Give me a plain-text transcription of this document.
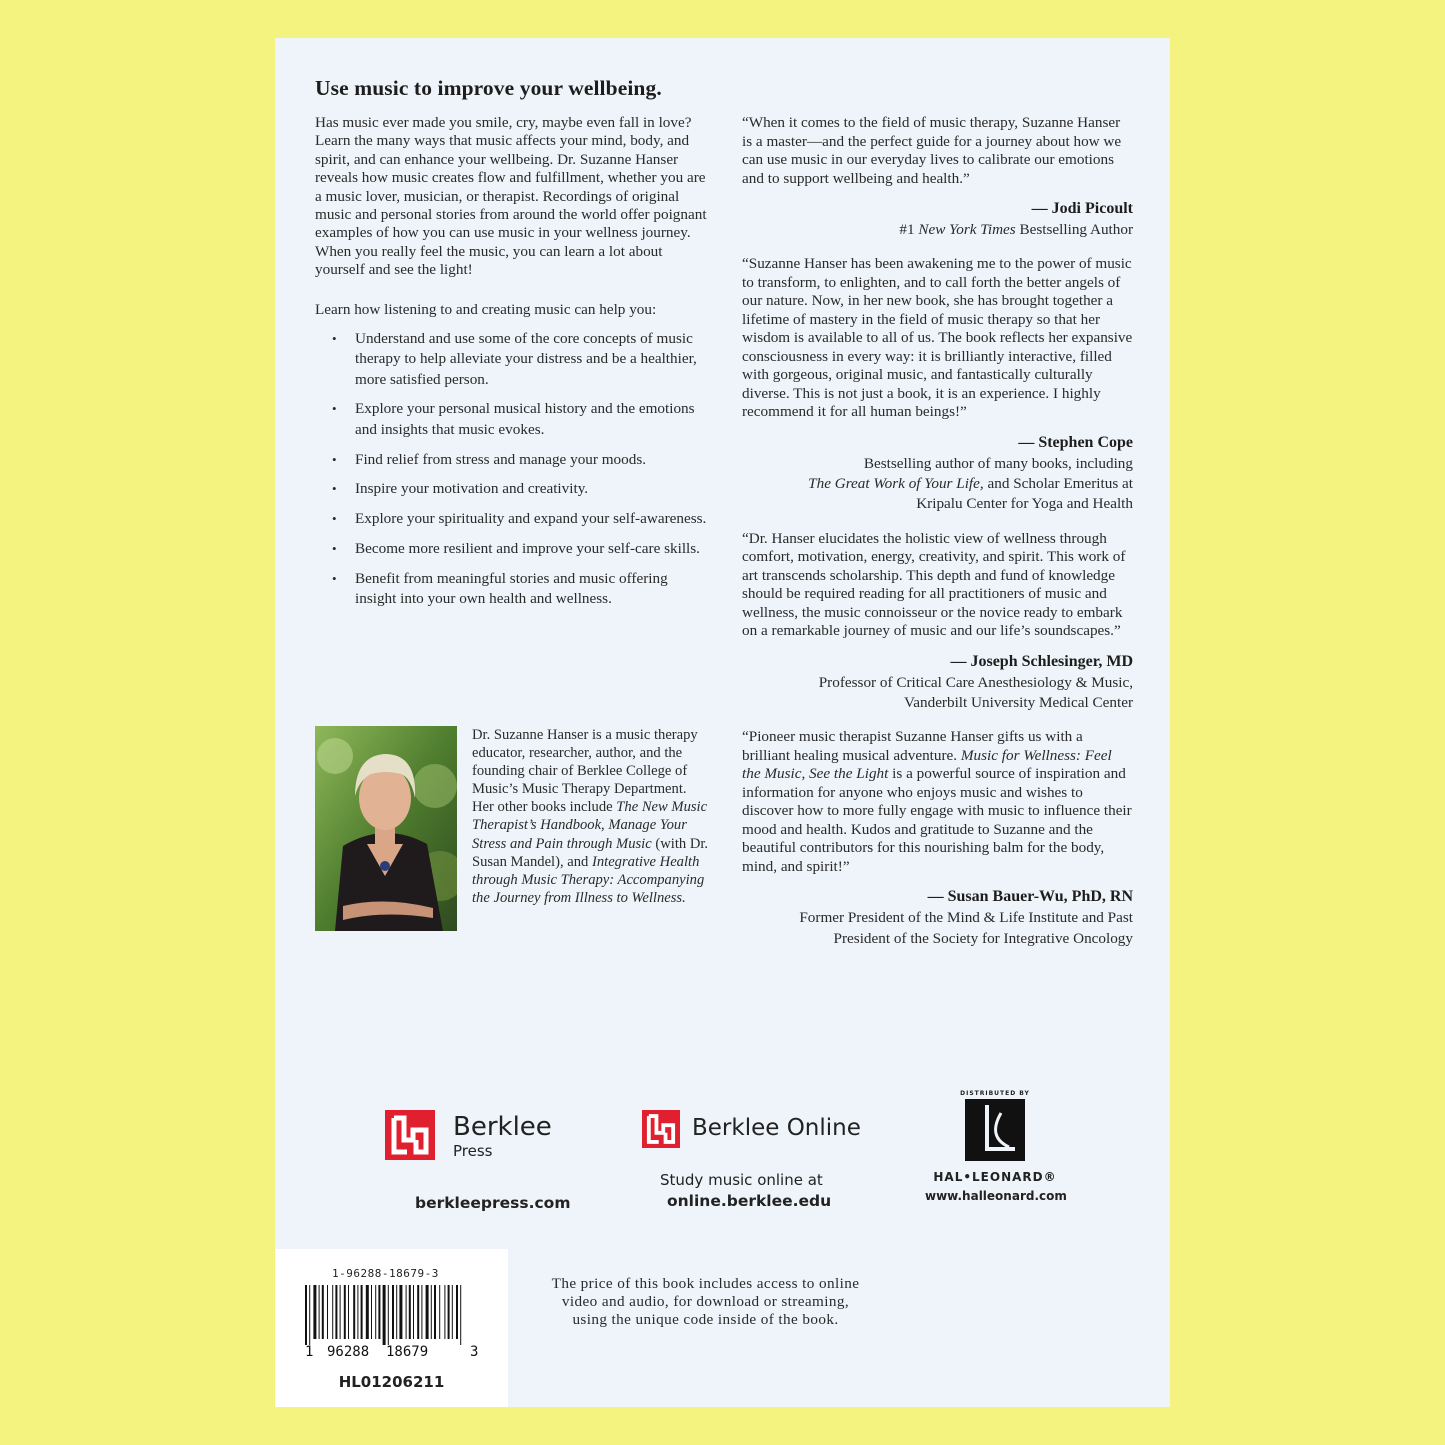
Use music to improve your wellbeing.

Has music ever made you smile, cry, maybe even fall in love? Learn the many ways that music affects your mind, body, and spirit, and can enhance your wellbeing. Dr. Suzanne Hanser reveals how music creates flow and fulfillment, whether you are a music lover, musician, or therapist. Recordings of original music and personal stories from around the world offer poignant examples of how you can use music in your wellness journey. When you really feel the music, you can learn a lot about yourself and see the light!

Learn how listening to and creating music can help you:

• Understand and use some of the core concepts of music therapy to help alleviate your distress and be a healthier, more satisfied person.
• Explore your personal musical history and the emotions and insights that music evokes.
• Find relief from stress and manage your moods.
• Inspire your motivation and creativity.
• Explore your spirituality and expand your self-awareness.
• Become more resilient and improve your self-care skills.
• Benefit from meaningful stories and music offering insight into your own health and wellness.

Dr. Suzanne Hanser is a music therapy educator, researcher, author, and the founding chair of Berklee College of Music’s Music Therapy Department. Her other books include The New Music Therapist’s Handbook, Manage Your Stress and Pain through Music (with Dr. Susan Mandel), and Integrative Health through Music Therapy: Accompanying the Journey from Illness to Wellness.

“When it comes to the field of music therapy, Suzanne Hanser is a master—and the perfect guide for a journey about how we can use music in our everyday lives to calibrate our emotions and to support wellbeing and health.”

— Jodi Picoult

#1 New York Times Bestselling Author

“Suzanne Hanser has been awakening me to the power of music to transform, to enlighten, and to call forth the better angels of our nature. Now, in her new book, she has brought together a lifetime of mastery in the field of music therapy so that her wisdom is available to all of us. The book reflects her expansive consciousness in every way: it is brilliantly interactive, filled with gorgeous, original music, and fantastically culturally diverse. This is not just a book, it is an experience. I highly recommend it for all human beings!”

— Stephen Cope

Bestselling author of many books, including
The Great Work of Your Life, and Scholar Emeritus at
Kripalu Center for Yoga and Health

“Dr. Hanser elucidates the holistic view of wellness through comfort, motivation, energy, creativity, and spirit. This work of art transcends scholarship. This depth and fund of knowledge should be required reading for all practitioners of music and wellness, the music connoisseur or the novice ready to embark on a remarkable journey of music and our life’s soundscapes.”

— Joseph Schlesinger, MD

Professor of Critical Care Anesthesiology & Music,
Vanderbilt University Medical Center

“Pioneer music therapist Suzanne Hanser gifts us with a brilliant healing musical adventure. Music for Wellness: Feel the Music, See the Light is a powerful source of inspiration and information for anyone who enjoys music and wishes to discover how to more fully engage with music to influence their mood and health. Kudos and gratitude to Suzanne and the beautiful contributors for this nourishing balm for the body, mind, and spirit!”

— Susan Bauer-Wu, PhD, RN

Former President of the Mind & Life Institute and Past
President of the Society for Integrative Oncology

Berklee
Press
berkleepress.com
Berklee Online
Study music online at
online.berklee.edu
DISTRIBUTED BY
HAL•LEONARD®
www.halleonard.com
1-96288-18679-3
1 96288  18679	3
HL01206211

The price of this book includes access to online video and audio, for download or streaming, using the unique code inside of the book.
